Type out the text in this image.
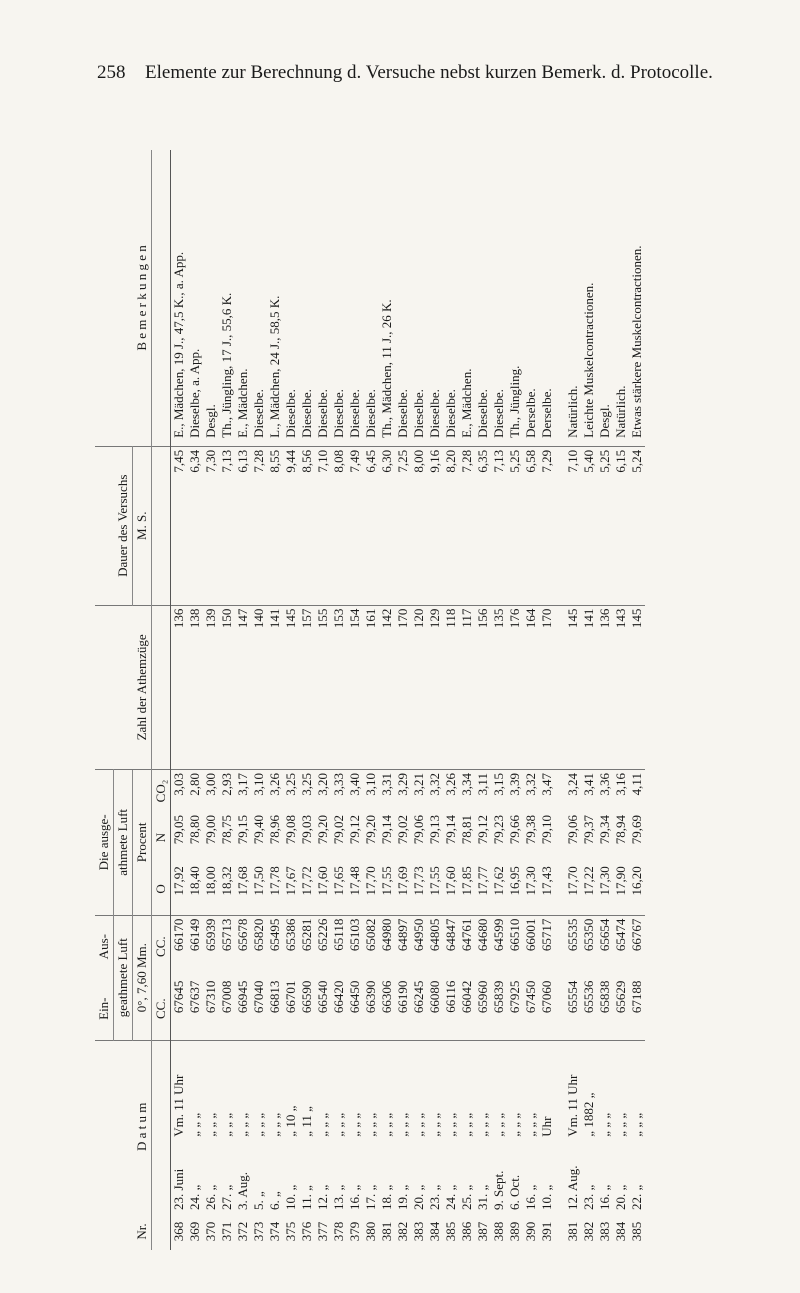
258 Elemente zur Berechnung d. Versuche nebst kurzen Bemerk. d. Protocolle.
Nr.	D a t u m		Ein-	Aus-	Die ausge-			Zahl der Athemzüge	Dauer des Versuchs	B e m e r k u n g e n
			geathmete Luft		athmete Luft					
			0°, 7,60 Mm.		Procent				M. S.	
			CC.	CC.	O	N	CO₂			
368	23. Juni	Vm. 11 Uhr	67645	66170	17,92	79,05	3,03	136	7,45	E., Mädchen, 19 J., 47,5 K., a. App.
369	24. „	„ „ „	67637	66149	18,40	78,80	2,80	138	6,34	Dieselbe, a. App.
370	26. „	„ „ „	67310	65939	18,00	79,00	3,00	139	7,30	Desgl.
371	27. „	„ „ „	67008	65713	18,32	78,75	2,93	150	7,13	Th., Jüngling, 17 J., 55,6 K.
372	3. Aug.	„ „ „	66945	65678	17,68	79,15	3,17	147	6,13	E., Mädchen.
373	5. „	„ „ „	67040	65820	17,50	79,40	3,10	140	7,28	Dieselbe.
374	6. „	„ „ „	66813	65495	17,78	78,96	3,26	141	8,55	L., Mädchen, 24 J., 58,5 K.
375	10. „	„ 10 „	66701	65386	17,67	79,08	3,25	145	9,44	Dieselbe.
376	11. „	„ 11 „	66590	65281	17,72	79,03	3,25	157	8,56	Dieselbe.
377	12. „	„ „ „	66540	65226	17,60	79,20	3,20	155	7,10	Dieselbe.
378	13. „	„ „ „	66420	65118	17,65	79,02	3,33	153	8,08	Dieselbe.
379	16. „	„ „ „	66450	65103	17,48	79,12	3,40	154	7,49	Dieselbe.
380	17. „	„ „ „	66390	65082	17,70	79,20	3,10	161	6,45	Dieselbe.
381	18. „	„ „ „	66306	64980	17,55	79,14	3,31	142	6,30	Th., Mädchen, 11 J., 26 K.
382	19. „	„ „ „	66190	64897	17,69	79,02	3,29	170	7,25	Dieselbe.
383	20. „	„ „ „	66245	64950	17,73	79,06	3,21	120	8,00	Dieselbe.
384	23. „	„ „ „	66080	64805	17,55	79,13	3,32	129	9,16	Dieselbe.
385	24. „	„ „ „	66116	64847	17,60	79,14	3,26	118	8,20	Dieselbe.
386	25. „	„ „ „	66042	64761	17,85	78,81	3,34	117	7,28	E., Mädchen.
387	31. „	„ „ „	65960	64680	17,77	79,12	3,11	156	6,35	Dieselbe.
388	9. Sept.	„ „ „	65839	64599	17,62	79,23	3,15	135	7,13	Dieselbe.
389	6. Oct.	„ „ „	67925	66510	16,95	79,66	3,39	176	5,25	Th., Jüngling.
390	16. „	„ „ „	67450	66001	17,30	79,38	3,32	164	6,58	Derselbe.
391	10. „	Uhr	67060	65717	17,43	79,10	3,47	170	7,29	Derselbe.

381	12. Aug.	Vm. 11 Uhr	65554	65535	17,70	79,06	3,24	145	7,10	Natürlich.
382	23. „	„ 1882 „	65536	65350	17,22	79,37	3,41	141	5,40	Leichte Muskelcontractionen.
383	16. „	„ „ „	65838	65654	17,30	79,34	3,36	136	5,25	Desgl.
384	20. „	„ „ „	65629	65474	17,90	78,94	3,16	143	6,15	Natürlich.
385	22. „	„ „ „	67188	66767	16,20	79,69	4,11	145	5,24	Etwas stärkere Muskelcontractionen.
